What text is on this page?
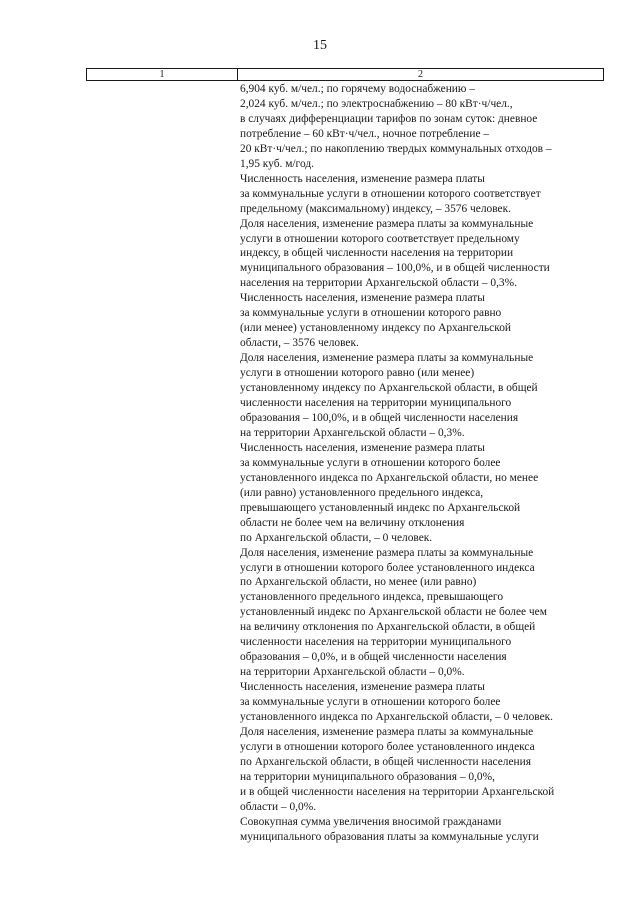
15
1	2
6,904 куб. м/чел.; по горячему водоснабжению –
2,024 куб. м/чел.; по электроснабжению – 80 кВт·ч/чел.,
в случаях дифференциации тарифов по зонам суток: дневное
потребление – 60 кВт·ч/чел., ночное потребление –
20 кВт·ч/чел.; по накоплению твердых коммунальных отходов –
1,95 куб. м/год.
Численность населения, изменение размера платы
за коммунальные услуги в отношении которого соответствует
предельному (максимальному) индексу, – 3576 человек.
Доля населения, изменение размера платы за коммунальные
услуги в отношении которого соответствует предельному
индексу, в общей численности населения на территории
муниципального образования – 100,0%, и в общей численности
населения на территории Архангельской области – 0,3%.
Численность населения, изменение размера платы
за коммунальные услуги в отношении которого равно
(или менее) установленному индексу по Архангельской
области, – 3576 человек.
Доля населения, изменение размера платы за коммунальные
услуги в отношении которого равно (или менее)
установленному индексу по Архангельской области, в общей
численности населения на территории муниципального
образования – 100,0%, и в общей численности населения
на территории Архангельской области – 0,3%.
Численность населения, изменение размера платы
за коммунальные услуги в отношении которого более
установленного индекса по Архангельской области, но менее
(или равно) установленного предельного индекса,
превышающего установленный индекс по Архангельской
области не более чем на величину отклонения
по Архангельской области, – 0 человек.
Доля населения, изменение размера платы за коммунальные
услуги в отношении которого более установленного индекса
по Архангельской области, но менее (или равно)
установленного предельного индекса, превышающего
установленный индекс по Архангельской области не более чем
на величину отклонения по Архангельской области, в общей
численности населения на территории муниципального
образования – 0,0%, и в общей численности населения
на территории Архангельской области – 0,0%.
Численность населения, изменение размера платы
за коммунальные услуги в отношении которого более
установленного индекса по Архангельской области, – 0 человек.
Доля населения, изменение размера платы за коммунальные
услуги в отношении которого более установленного индекса
по Архангельской области, в общей численности населения
на территории муниципального образования – 0,0%,
и в общей численности населения на территории Архангельской
области – 0,0%.
Совокупная сумма увеличения вносимой гражданами
муниципального образования платы за коммунальные услуги
